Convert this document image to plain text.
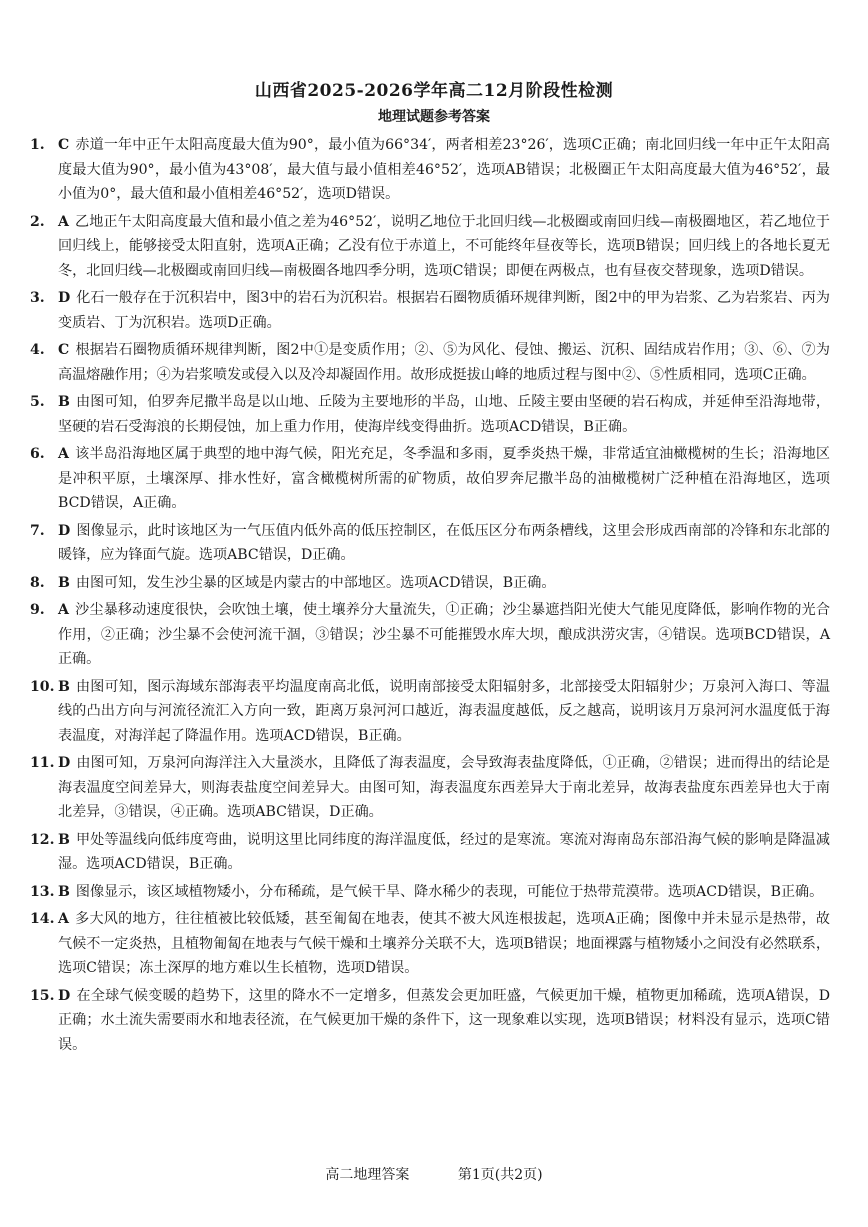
山西省2025-2026学年高二12月阶段性检测
地理试题参考答案

1. C 赤道一年中正午太阳高度最大值为90°，最小值为66°34′，两者相差23°26′，选项C正确；南北回归线一年中正午太阳高度最大值为90°，最小值为43°08′，最大值与最小值相差46°52′，选项AB错误；北极圈正午太阳高度最大值为46°52′，最小值为0°，最大值和最小值相差46°52′，选项D错误。

2. A 乙地正午太阳高度最大值和最小值之差为46°52′，说明乙地位于北回归线—北极圈或南回归线—南极圈地区，若乙地位于回归线上，能够接受太阳直射，选项A正确；乙没有位于赤道上，不可能终年昼夜等长，选项B错误；回归线上的各地长夏无冬，北回归线—北极圈或南回归线—南极圈各地四季分明，选项C错误；即便在两极点，也有昼夜交替现象，选项D错误。

3. D 化石一般存在于沉积岩中，图3中的岩石为沉积岩。根据岩石圈物质循环规律判断，图2中的甲为岩浆、乙为岩浆岩、丙为变质岩、丁为沉积岩。选项D正确。

4. C 根据岩石圈物质循环规律判断，图2中①是变质作用；②、⑤为风化、侵蚀、搬运、沉积、固结成岩作用；③、⑥、⑦为高温熔融作用；④为岩浆喷发或侵入以及冷却凝固作用。故形成挺拔山峰的地质过程与图中②、⑤性质相同，选项C正确。

5. B 由图可知，伯罗奔尼撒半岛是以山地、丘陵为主要地形的半岛，山地、丘陵主要由坚硬的岩石构成，并延伸至沿海地带，坚硬的岩石受海浪的长期侵蚀，加上重力作用，使海岸线变得曲折。选项ACD错误，B正确。

6. A 该半岛沿海地区属于典型的地中海气候，阳光充足，冬季温和多雨，夏季炎热干燥，非常适宜油橄榄树的生长；沿海地区是冲积平原，土壤深厚、排水性好，富含橄榄树所需的矿物质，故伯罗奔尼撒半岛的油橄榄树广泛种植在沿海地区，选项BCD错误，A正确。

7. D 图像显示，此时该地区为一气压值内低外高的低压控制区，在低压区分布两条槽线，这里会形成西南部的冷锋和东北部的暖锋，应为锋面气旋。选项ABC错误，D正确。

8. B 由图可知，发生沙尘暴的区域是内蒙古的中部地区。选项ACD错误，B正确。

9. A 沙尘暴移动速度很快，会吹蚀土壤，使土壤养分大量流失，①正确；沙尘暴遮挡阳光使大气能见度降低，影响作物的光合作用，②正确；沙尘暴不会使河流干涸，③错误；沙尘暴不可能摧毁水库大坝，酿成洪涝灾害，④错误。选项BCD错误，A正确。

10. B 由图可知，图示海域东部海表平均温度南高北低，说明南部接受太阳辐射多，北部接受太阳辐射少；万泉河入海口、等温线的凸出方向与河流径流汇入方向一致，距离万泉河河口越近，海表温度越低，反之越高，说明该月万泉河河水温度低于海表温度，对海洋起了降温作用。选项ACD错误，B正确。

11. D 由图可知，万泉河向海洋注入大量淡水，且降低了海表温度，会导致海表盐度降低，①正确，②错误；进而得出的结论是海表温度空间差异大，则海表盐度空间差异大。由图可知，海表温度东西差异大于南北差异，故海表盐度东西差异也大于南北差异，③错误，④正确。选项ABC错误，D正确。

12. B 甲处等温线向低纬度弯曲，说明这里比同纬度的海洋温度低，经过的是寒流。寒流对海南岛东部沿海气候的影响是降温减湿。选项ACD错误，B正确。

13. B 图像显示，该区域植物矮小，分布稀疏，是气候干旱、降水稀少的表现，可能位于热带荒漠带。选项ACD错误，B正确。

14. A 多大风的地方，往往植被比较低矮，甚至匍匐在地表，使其不被大风连根拔起，选项A正确；图像中并未显示是热带，故气候不一定炎热，且植物匍匐在地表与气候干燥和土壤养分关联不大，选项B错误；地面裸露与植物矮小之间没有必然联系，选项C错误；冻土深厚的地方难以生长植物，选项D错误。

15. D 在全球气候变暖的趋势下，这里的降水不一定增多，但蒸发会更加旺盛，气候更加干燥，植物更加稀疏，选项A错误，D正确；水土流失需要雨水和地表径流，在气候更加干燥的条件下，这一现象难以实现，选项B错误；材料没有显示，选项C错误。

高二地理答案	第1页(共2页)
